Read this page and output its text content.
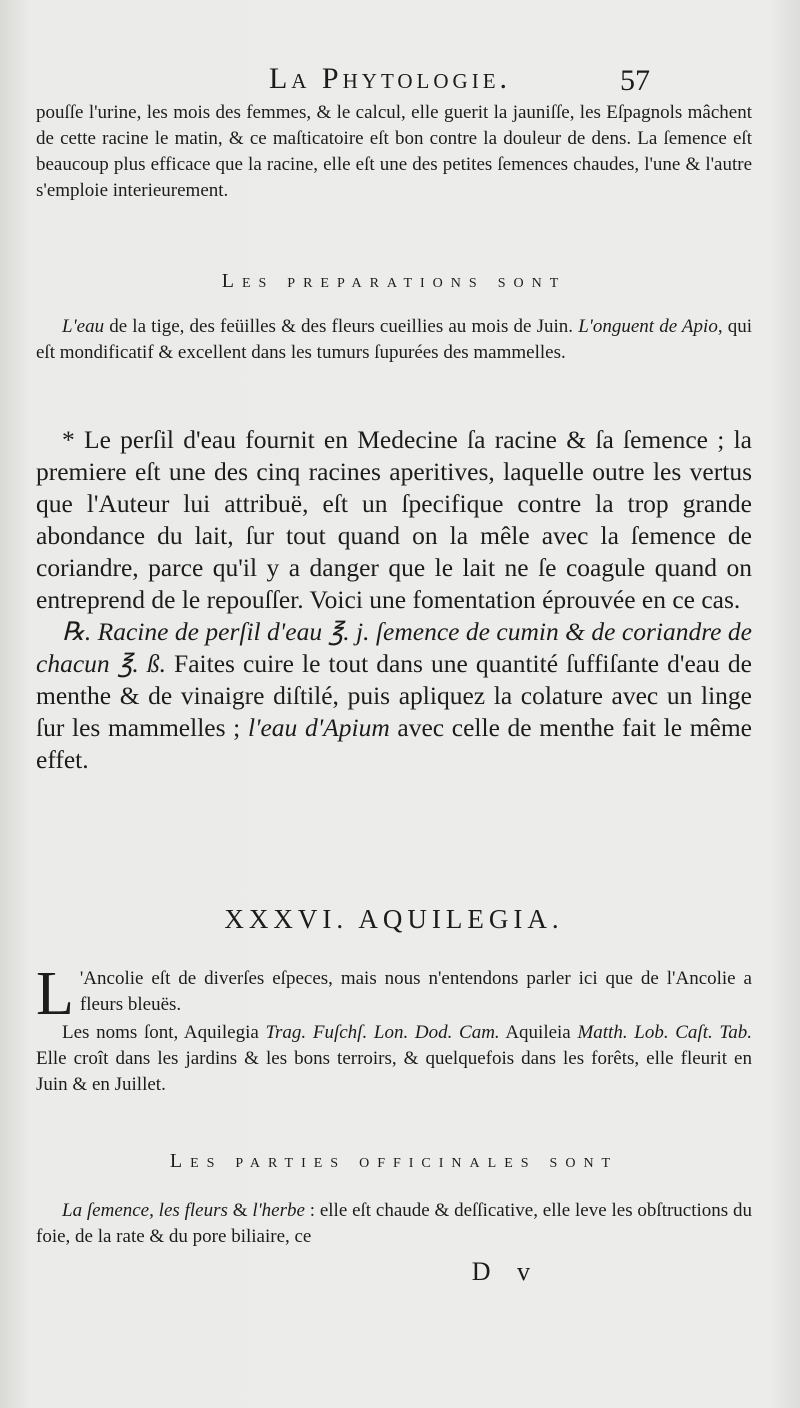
La Phytologie.	57

pouſſe l'urine, les mois des femmes, & le calcul, elle guerit la jauniſſe, les Eſpagnols mâchent de cette racine le matin, & ce maſticatoire eſt bon contre la douleur de dens. La ſemence eſt beaucoup plus efficace que la racine, elle eſt une des petites ſemences chaudes, l'une & l'autre s'emploie interieurement.

Les preparations sont

L'eau de la tige, des feüilles & des fleurs cueillies au mois de Juin. L'onguent de Apio, qui eſt mondificatif & excellent dans les tumurs ſupurées des mammelles.

* Le perſil d'eau fournit en Medecine ſa racine & ſa ſemence ; la premiere eſt une des cinq racines aperitives, laquelle outre les vertus que l'Auteur lui attribuë, eſt un ſpecifique contre la trop grande abondance du lait, ſur tout quand on la mêle avec la ſemence de coriandre, parce qu'il y a danger que le lait ne ſe coagule quand on entreprend de le repouſſer. Voici une fomentation éprouvée en ce cas.

℞. Racine de perſil d'eau ℥. j. ſemence de cumin & de coriandre de chacun ℥. ß. Faites cuire le tout dans une quantité ſuffiſante d'eau de menthe & de vinaigre diſtilé, puis apliquez la colature avec un linge ſur les mammelles ; l'eau d'Apium avec celle de menthe fait le même effet.

XXXVI. AQUILEGIA.

L 'Ancolie eſt de diverſes eſpeces, mais nous n'entendons parler ici que de l'Ancolie a fleurs bleuës.

Les noms ſont, Aquilegia Trag. Fuſchſ. Lon. Dod. Cam. Aquileia Matth. Lob. Caſt. Tab. Elle croît dans les jardins & les bons terroirs, & quelquefois dans les forêts, elle fleurit en Juin & en Juillet.

Les parties officinales sont

La ſemence, les fleurs & l'herbe : elle eſt chaude & deſſicative, elle leve les obſtructions du foie, de la rate & du pore biliaire, ce

D v
